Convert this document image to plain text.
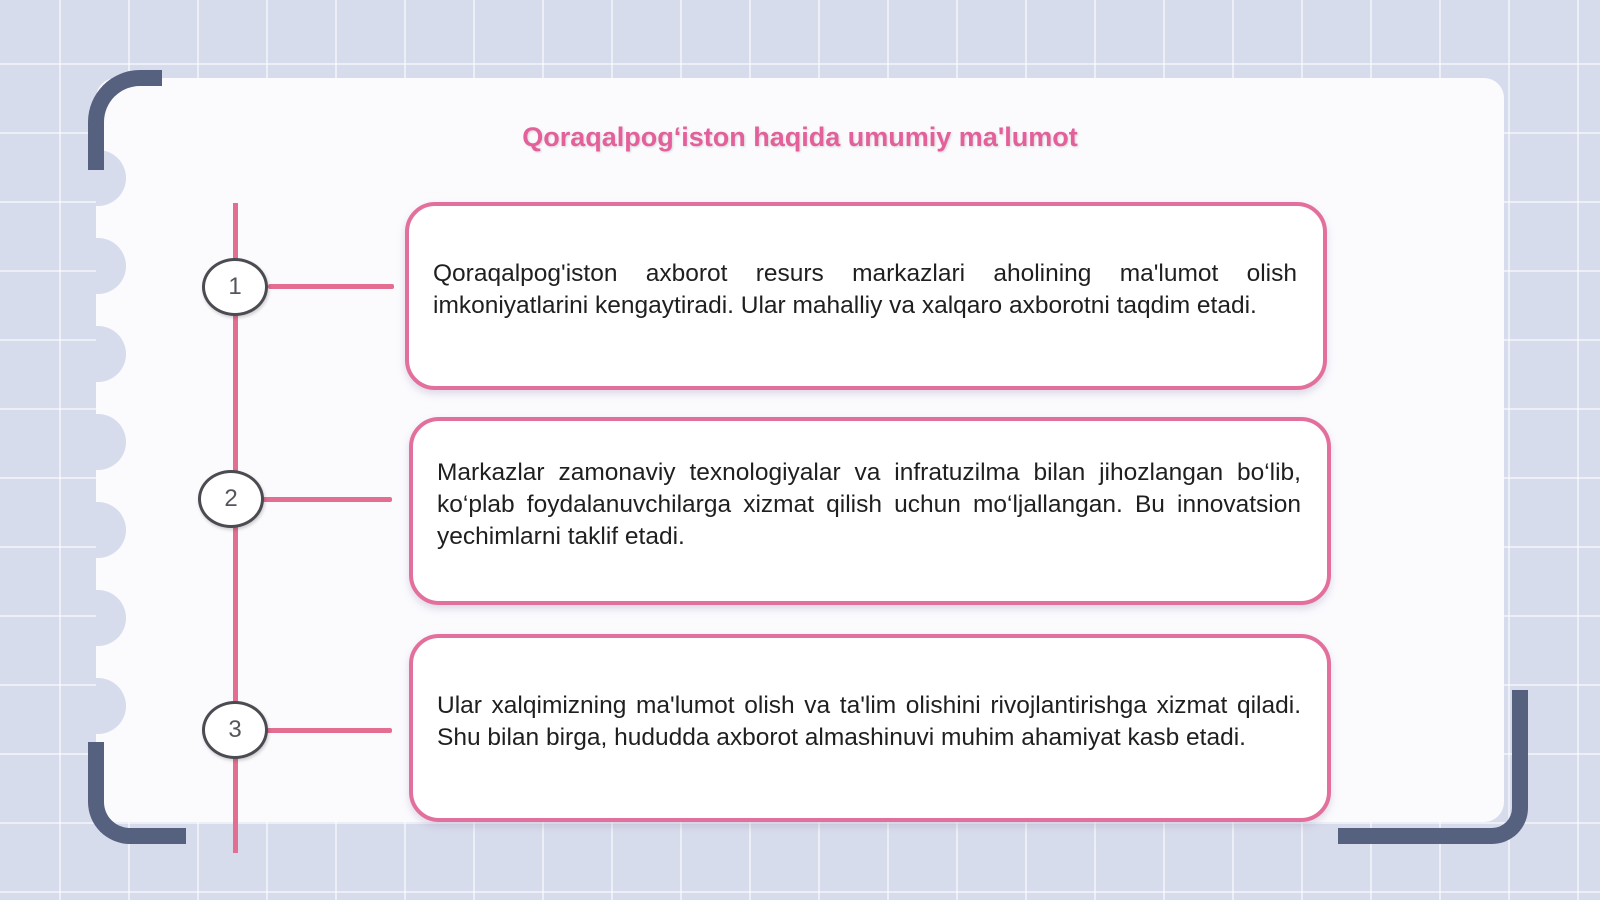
Qoraqalpogʻiston haqida umumiy ma'lumot
1
2
3

Qoraqalpog'iston axborot resurs markazlari aholining ma'lumot olish imkoniyatlarini kengaytiradi. Ular mahalliy va xalqaro axborotni taqdim etadi.

Markazlar zamonaviy texnologiyalar va infratuzilma bilan jihozlangan bo‘lib, ko‘plab foydalanuvchilarga xizmat qilish uchun mo‘ljallangan. Bu innovatsion yechimlarni taklif etadi.

Ular xalqimizning ma'lumot olish va ta'lim olishini rivojlantirishga xizmat qiladi. Shu bilan birga, hududda axborot almashinuvi muhim ahamiyat kasb etadi.
